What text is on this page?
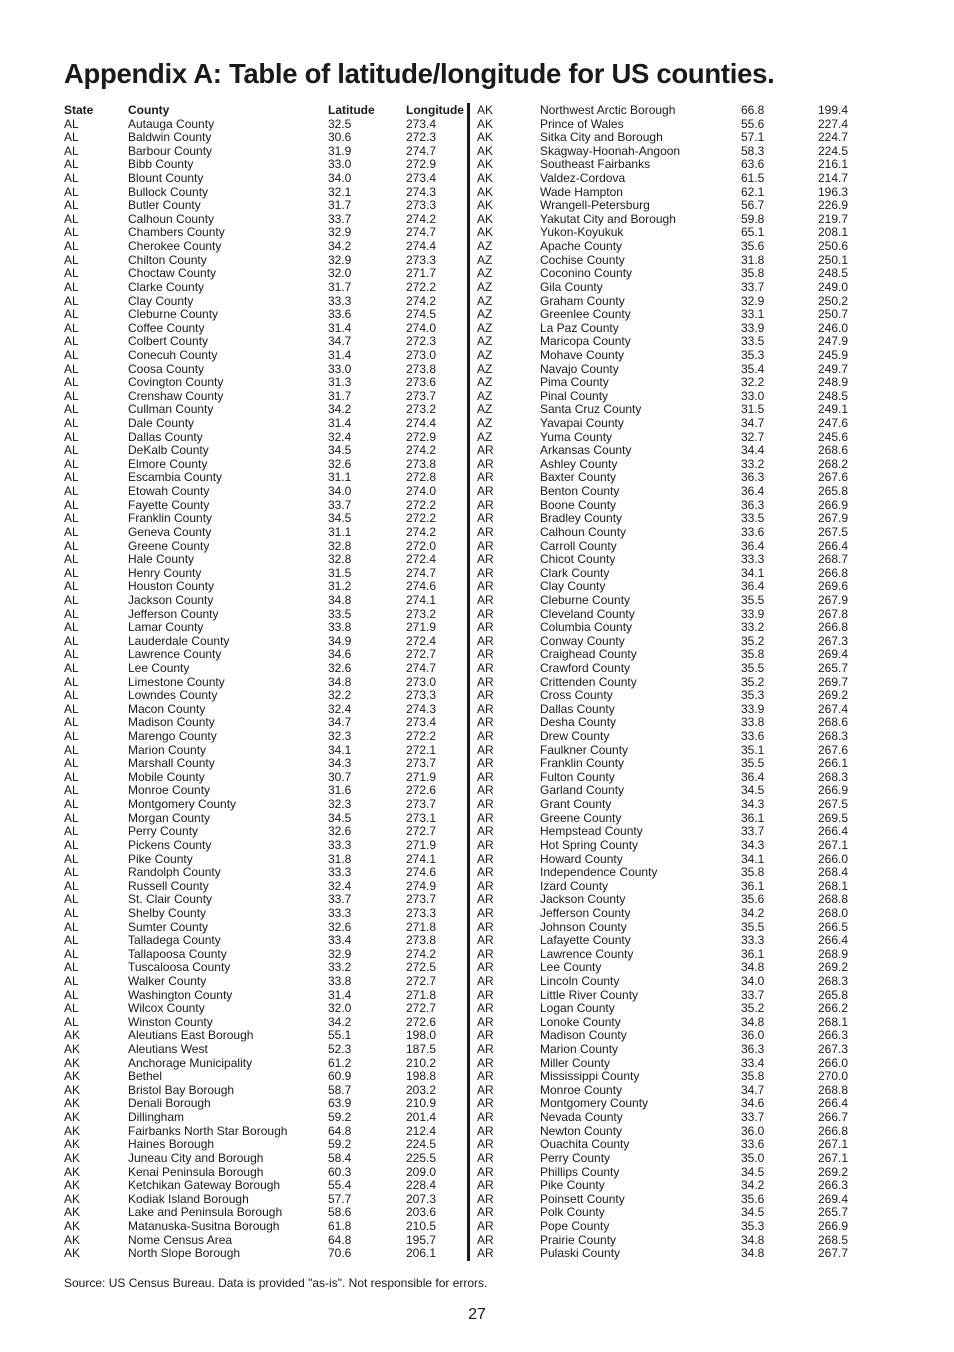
Appendix A: Table of latitude/longitude for US counties.
State	County	Latitude	Longitude
AL	Autauga County	32.5	273.4
AL	Baldwin County	30.6	272.3
AL	Barbour County	31.9	274.7
AL	Bibb County	33.0	272.9
AL	Blount County	34.0	273.4
AL	Bullock County	32.1	274.3
AL	Butler County	31.7	273.3
AL	Calhoun County	33.7	274.2
AL	Chambers County	32.9	274.7
AL	Cherokee County	34.2	274.4
AL	Chilton County	32.9	273.3
AL	Choctaw County	32.0	271.7
AL	Clarke County	31.7	272.2
AL	Clay County	33.3	274.2
AL	Cleburne County	33.6	274.5
AL	Coffee County	31.4	274.0
AL	Colbert County	34.7	272.3
AL	Conecuh County	31.4	273.0
AL	Coosa County	33.0	273.8
AL	Covington County	31.3	273.6
AL	Crenshaw County	31.7	273.7
AL	Cullman County	34.2	273.2
AL	Dale County	31.4	274.4
AL	Dallas County	32.4	272.9
AL	DeKalb County	34.5	274.2
AL	Elmore County	32.6	273.8
AL	Escambia County	31.1	272.8
AL	Etowah County	34.0	274.0
AL	Fayette County	33.7	272.2
AL	Franklin County	34.5	272.2
AL	Geneva County	31.1	274.2
AL	Greene County	32.8	272.0
AL	Hale County	32.8	272.4
AL	Henry County	31.5	274.7
AL	Houston County	31.2	274.6
AL	Jackson County	34.8	274.1
AL	Jefferson County	33.5	273.2
AL	Lamar County	33.8	271.9
AL	Lauderdale County	34.9	272.4
AL	Lawrence County	34.6	272.7
AL	Lee County	32.6	274.7
AL	Limestone County	34.8	273.0
AL	Lowndes County	32.2	273.3
AL	Macon County	32.4	274.3
AL	Madison County	34.7	273.4
AL	Marengo County	32.3	272.2
AL	Marion County	34.1	272.1
AL	Marshall County	34.3	273.7
AL	Mobile County	30.7	271.9
AL	Monroe County	31.6	272.6
AL	Montgomery County	32.3	273.7
AL	Morgan County	34.5	273.1
AL	Perry County	32.6	272.7
AL	Pickens County	33.3	271.9
AL	Pike County	31.8	274.1
AL	Randolph County	33.3	274.6
AL	Russell County	32.4	274.9
AL	St. Clair County	33.7	273.7
AL	Shelby County	33.3	273.3
AL	Sumter County	32.6	271.8
AL	Talladega County	33.4	273.8
AL	Tallapoosa County	32.9	274.2
AL	Tuscaloosa County	33.2	272.5
AL	Walker County	33.8	272.7
AL	Washington County	31.4	271.8
AL	Wilcox County	32.0	272.7
AL	Winston County	34.2	272.6
AK	Aleutians East Borough	55.1	198.0
AK	Aleutians West	52.3	187.5
AK	Anchorage Municipality	61.2	210.2
AK	Bethel	60.9	198.8
AK	Bristol Bay Borough	58.7	203.2
AK	Denali Borough	63.9	210.9
AK	Dillingham	59.2	201.4
AK	Fairbanks North Star Borough	64.8	212.4
AK	Haines Borough	59.2	224.5
AK	Juneau City and Borough	58.4	225.5
AK	Kenai Peninsula Borough	60.3	209.0
AK	Ketchikan Gateway Borough	55.4	228.4
AK	Kodiak Island Borough	57.7	207.3
AK	Lake and Peninsula Borough	58.6	203.6
AK	Matanuska-Susitna Borough	61.8	210.5
AK	Nome Census Area	64.8	195.7
AK	North Slope Borough	70.6	206.1
AK	Northwest Arctic Borough	66.8	199.4
AK	Prince of Wales	55.6	227.4
AK	Sitka City and Borough	57.1	224.7
AK	Skagway-Hoonah-Angoon	58.3	224.5
AK	Southeast Fairbanks	63.6	216.1
AK	Valdez-Cordova	61.5	214.7
AK	Wade Hampton	62.1	196.3
AK	Wrangell-Petersburg	56.7	226.9
AK	Yakutat City and Borough	59.8	219.7
AK	Yukon-Koyukuk	65.1	208.1
AZ	Apache County	35.6	250.6
AZ	Cochise County	31.8	250.1
AZ	Coconino County	35.8	248.5
AZ	Gila County	33.7	249.0
AZ	Graham County	32.9	250.2
AZ	Greenlee County	33.1	250.7
AZ	La Paz County	33.9	246.0
AZ	Maricopa County	33.5	247.9
AZ	Mohave County	35.3	245.9
AZ	Navajo County	35.4	249.7
AZ	Pima County	32.2	248.9
AZ	Pinal County	33.0	248.5
AZ	Santa Cruz County	31.5	249.1
AZ	Yavapai County	34.7	247.6
AZ	Yuma County	32.7	245.6
AR	Arkansas County	34.4	268.6
AR	Ashley County	33.2	268.2
AR	Baxter County	36.3	267.6
AR	Benton County	36.4	265.8
AR	Boone County	36.3	266.9
AR	Bradley County	33.5	267.9
AR	Calhoun County	33.6	267.5
AR	Carroll County	36.4	266.4
AR	Chicot County	33.3	268.7
AR	Clark County	34.1	266.8
AR	Clay County	36.4	269.6
AR	Cleburne County	35.5	267.9
AR	Cleveland County	33.9	267.8
AR	Columbia County	33.2	266.8
AR	Conway County	35.2	267.3
AR	Craighead County	35.8	269.4
AR	Crawford County	35.5	265.7
AR	Crittenden County	35.2	269.7
AR	Cross County	35.3	269.2
AR	Dallas County	33.9	267.4
AR	Desha County	33.8	268.6
AR	Drew County	33.6	268.3
AR	Faulkner County	35.1	267.6
AR	Franklin County	35.5	266.1
AR	Fulton County	36.4	268.3
AR	Garland County	34.5	266.9
AR	Grant County	34.3	267.5
AR	Greene County	36.1	269.5
AR	Hempstead County	33.7	266.4
AR	Hot Spring County	34.3	267.1
AR	Howard County	34.1	266.0
AR	Independence County	35.8	268.4
AR	Izard County	36.1	268.1
AR	Jackson County	35.6	268.8
AR	Jefferson County	34.2	268.0
AR	Johnson County	35.5	266.5
AR	Lafayette County	33.3	266.4
AR	Lawrence County	36.1	268.9
AR	Lee County	34.8	269.2
AR	Lincoln County	34.0	268.3
AR	Little River County	33.7	265.8
AR	Logan County	35.2	266.2
AR	Lonoke County	34.8	268.1
AR	Madison County	36.0	266.3
AR	Marion County	36.3	267.3
AR	Miller County	33.4	266.0
AR	Mississippi County	35.8	270.0
AR	Monroe County	34.7	268.8
AR	Montgomery County	34.6	266.4
AR	Nevada County	33.7	266.7
AR	Newton County	36.0	266.8
AR	Ouachita County	33.6	267.1
AR	Perry County	35.0	267.1
AR	Phillips County	34.5	269.2
AR	Pike County	34.2	266.3
AR	Poinsett County	35.6	269.4
AR	Polk County	34.5	265.7
AR	Pope County	35.3	266.9
AR	Prairie County	34.8	268.5
AR	Pulaski County	34.8	267.7
Source: US Census Bureau. Data is provided "as-is". Not responsible for errors.
27
